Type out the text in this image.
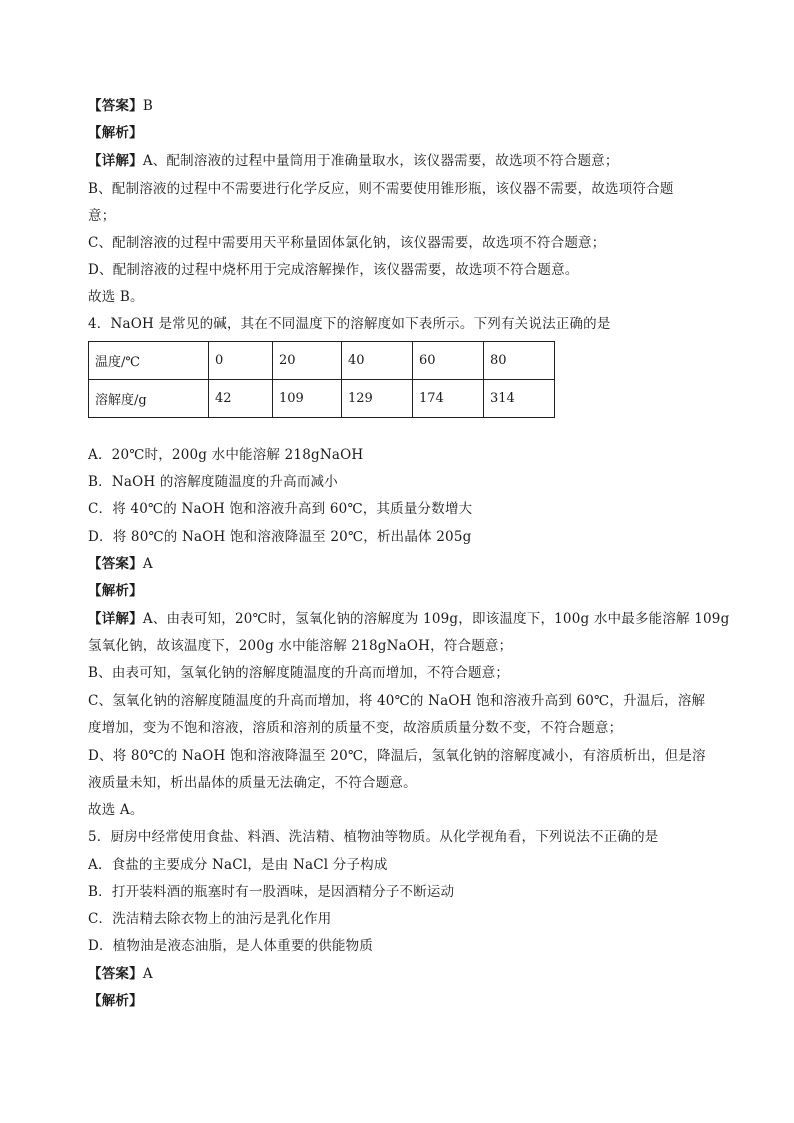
【答案】B
【解析】
【详解】A、配制溶液的过程中量筒用于准确量取水，该仪器需要，故选项不符合题意；
B、配制溶液的过程中不需要进行化学反应，则不需要使用锥形瓶，该仪器不需要，故选项符合题
意；
C、配制溶液的过程中需要用天平称量固体氯化钠，该仪器需要，故选项不符合题意；
D、配制溶液的过程中烧杯用于完成溶解操作，该仪器需要，故选项不符合题意。
故选 B。
4．NaOH 是常见的碱，其在不同温度下的溶解度如下表所示。下列有关说法正确的是
温度/℃	0	20	40	60	80
溶解度/g	42	109	129	174	314
A．20℃时，200g 水中能溶解 218gNaOH
B．NaOH 的溶解度随温度的升高而减小
C．将 40℃的 NaOH 饱和溶液升高到 60℃，其质量分数增大
D．将 80℃的 NaOH 饱和溶液降温至 20℃，析出晶体 205g
【答案】A
【解析】
【详解】A、由表可知，20℃时，氢氧化钠的溶解度为 109g，即该温度下，100g 水中最多能溶解 109g
氢氧化钠，故该温度下，200g 水中能溶解 218gNaOH，符合题意；
B、由表可知，氢氧化钠的溶解度随温度的升高而增加，不符合题意；
C、氢氧化钠的溶解度随温度的升高而增加，将 40℃的 NaOH 饱和溶液升高到 60℃，升温后，溶解
度增加，变为不饱和溶液，溶质和溶剂的质量不变，故溶质质量分数不变，不符合题意；
D、将 80℃的 NaOH 饱和溶液降温至 20℃，降温后，氢氧化钠的溶解度减小，有溶质析出，但是溶
液质量未知，析出晶体的质量无法确定，不符合题意。
故选 A。
5．厨房中经常使用食盐、料酒、洗洁精、植物油等物质。从化学视角看，下列说法不正确的是
A．食盐的主要成分 NaCl，是由 NaCl 分子构成
B．打开装料酒的瓶塞时有一股酒味，是因酒精分子不断运动
C．洗洁精去除衣物上的油污是乳化作用
D．植物油是液态油脂，是人体重要的供能物质
【答案】A
【解析】
